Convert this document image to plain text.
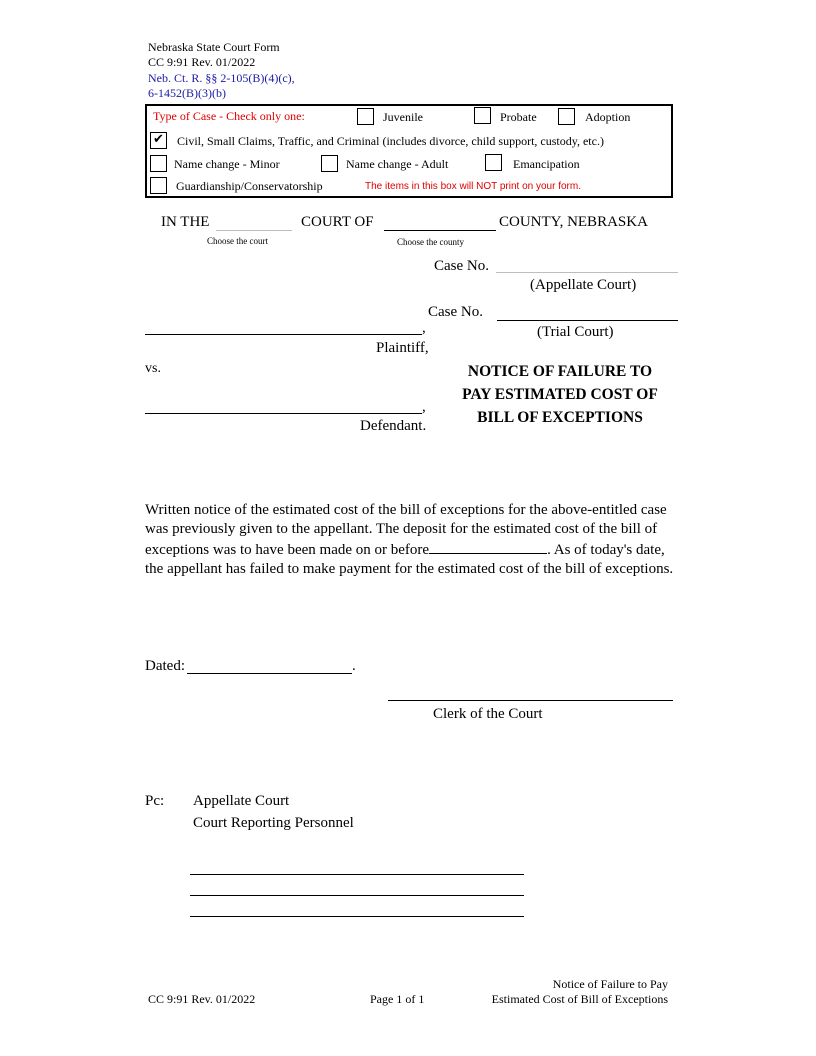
Nebraska State Court Form
CC 9:91 Rev. 01/2022
Neb. Ct. R. §§ 2-105(B)(4)(c),
6-1452(B)(3)(b)
Type of Case - Check only one:	Juvenile	Probate	Adoption
✔ Civil, Small Claims, Traffic, and Criminal (includes divorce, child support, custody, etc.)
Name change - Minor	Name change - Adult	Emancipation
Guardianship/Conservatorship	The items in this box will NOT print on your form.
IN THE	COURT OF	COUNTY, NEBRASKA
Choose the court	Choose the county
Case No.
(Appellate Court)
Case No.
(Trial Court)
,
Plaintiff,
vs.
,
Defendant.
NOTICE OF FAILURE TO
PAY ESTIMATED COST OF
BILL OF EXCEPTIONS
Written notice of the estimated cost of the bill of exceptions for the above-entitled case was previously given to the appellant. The deposit for the estimated cost of the bill of exceptions was to have been made on or before	. As of today's date, the appellant has failed to make payment for the estimated cost of the bill of exceptions.
Dated:	.
Clerk of the Court
Pc: Appellate Court
Court Reporting Personnel
CC 9:91 Rev. 01/2022	Page 1 of 1
Notice of Failure to Pay
Estimated Cost of Bill of Exceptions
